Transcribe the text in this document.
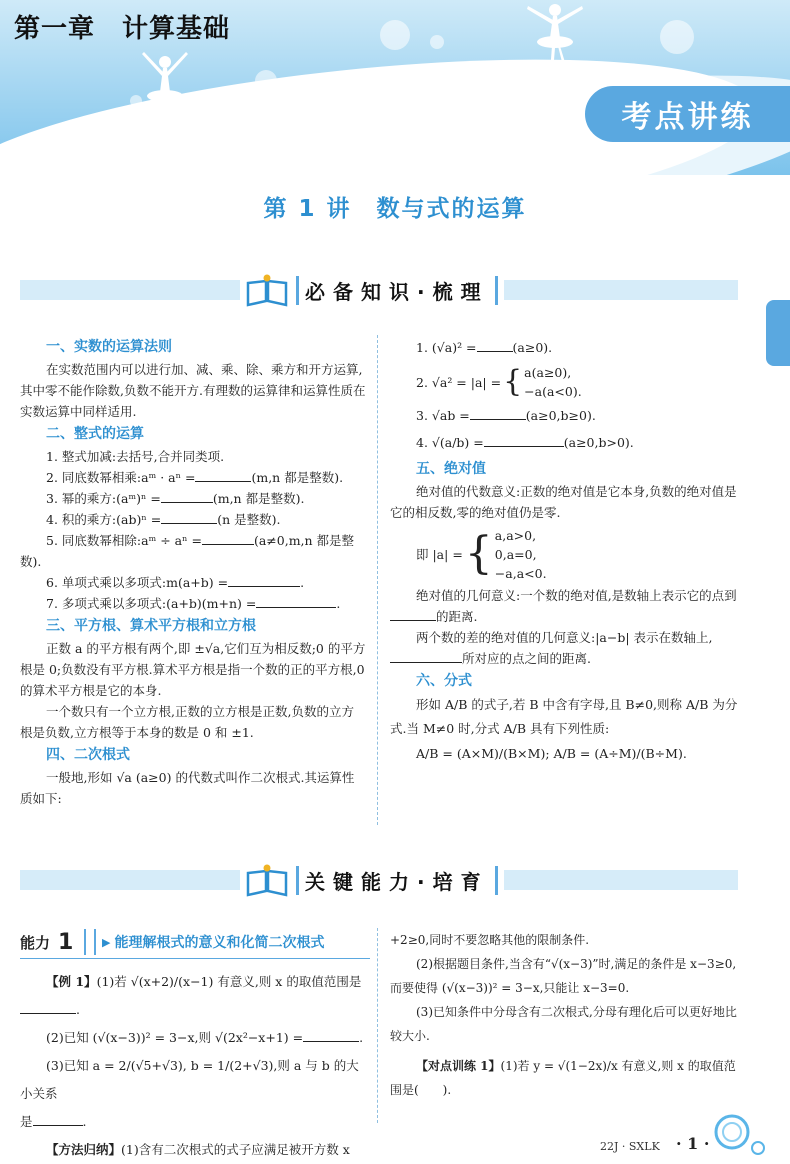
第一章　计算基础
考点讲练
第 1 讲　数与式的运算
必备知识·梳理

一、实数的运算法则

在实数范围内可以进行加、减、乘、除、乘方和开方运算,其中零不能作除数,负数不能开方.有理数的运算律和运算性质在实数运算中同样适用.

二、整式的运算

1. 整式加减:去括号,合并同类项.

2. 同底数幂相乘:aᵐ · aⁿ =	(m,n 都是整数).

3. 幂的乘方:(aᵐ)ⁿ =	(m,n 都是整数).

4. 积的乘方:(ab)ⁿ =	(n 是整数).

5. 同底数幂相除:aᵐ ÷ aⁿ =	(a≠0,m,n 都是整数).

6. 单项式乘以多项式:m(a+b) =	.

7. 多项式乘以多项式:(a+b)(m+n) =	.

三、平方根、算术平方根和立方根

正数 a 的平方根有两个,即 ±√a,它们互为相反数;0 的平方根是 0;负数没有平方根.算术平方根是指一个数的正的平方根,0 的算术平方根是它的本身.

一个数只有一个立方根,正数的立方根是正数,负数的立方根是负数,立方根等于本身的数是 0 和 ±1.

四、二次根式

一般地,形如 √a (a≥0) 的代数式叫作二次根式.其运算性质如下:

1. (√a)² =	(a≥0).

2. √a² = |a| = { a(a≥0),
−a(a<0).

3. √ab =	(a≥0,b≥0).

4. √(a/b) =	(a≥0,b>0).

五、绝对值

绝对值的代数意义:正数的绝对值是它本身,负数的绝对值是它的相反数,零的绝对值仍是零.

即 |a| = { a,a>0,
0,a=0,
−a,a<0.

绝对值的几何意义:一个数的绝对值,是数轴上表示它的点到的距离.

两个数的差的绝对值的几何意义:|a−b| 表示在数轴上,所对应的点之间的距离.

六、分式

形如 A/B 的式子,若 B 中含有字母,且 B≠0,则称 A/B 为分式.当 M≠0 时,分式 A/B 具有下列性质:

A/B = (A×M)/(B×M); A/B = (A÷M)/(B÷M).

关键能力·培育
能力 1	▶ 能理解根式的意义和化简二次根式

【例 1】(1)若 √(x+2)/(x−1) 有意义,则 x 的取值范围是.

(2)已知 (√(x−3))² = 3−x,则 √(2x²−x+1) =	.

(3)已知 a = 2/(√5+√3), b = 1/(2+√3),则 a 与 b 的大小关系

是	.

【方法归纳】(1)含有二次根式的式子应满足被开方数 x

+2≥0,同时不要忽略其他的限制条件.

(2)根据题目条件,当含有“√(x−3)”时,满足的条件是 x−3≥0,而要使得 (√(x−3))² = 3−x,只能让 x−3=0.

(3)已知条件中分母含有二次根式,分母有理化后可以更好地比较大小.

【对点训练 1】(1)若 y = √(1−2x)/x 有意义,则 x 的取值范围是(　　).

22J · SXLK · 1 ·
